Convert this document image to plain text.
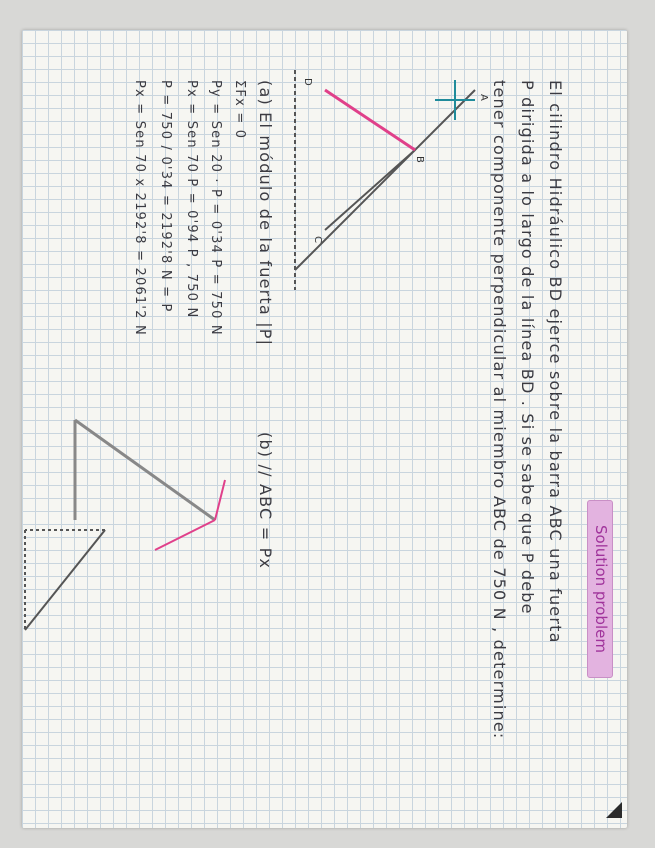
Solution problem
El cilindro Hidráulico BD ejerce sobre la barra ABC una fuerta
P dirigida a lo largo de la línea BD . Si se sabe que P debe
tener componente perpendicular al miembro ABC de 750 N , determine:
(a) El módulo de la fuerta |P|
ΣFx = 0
Py = Sen 20 · P = 0'34 P = 750 N
Px = Sen 70 P = 0'94 P , 750 N
P = 750 / 0'34 = 2192'8 N = P
Px = Sen 70 x 2192'8 = 2061'2 N
(b) // ABC = Px
A
B
C
D
